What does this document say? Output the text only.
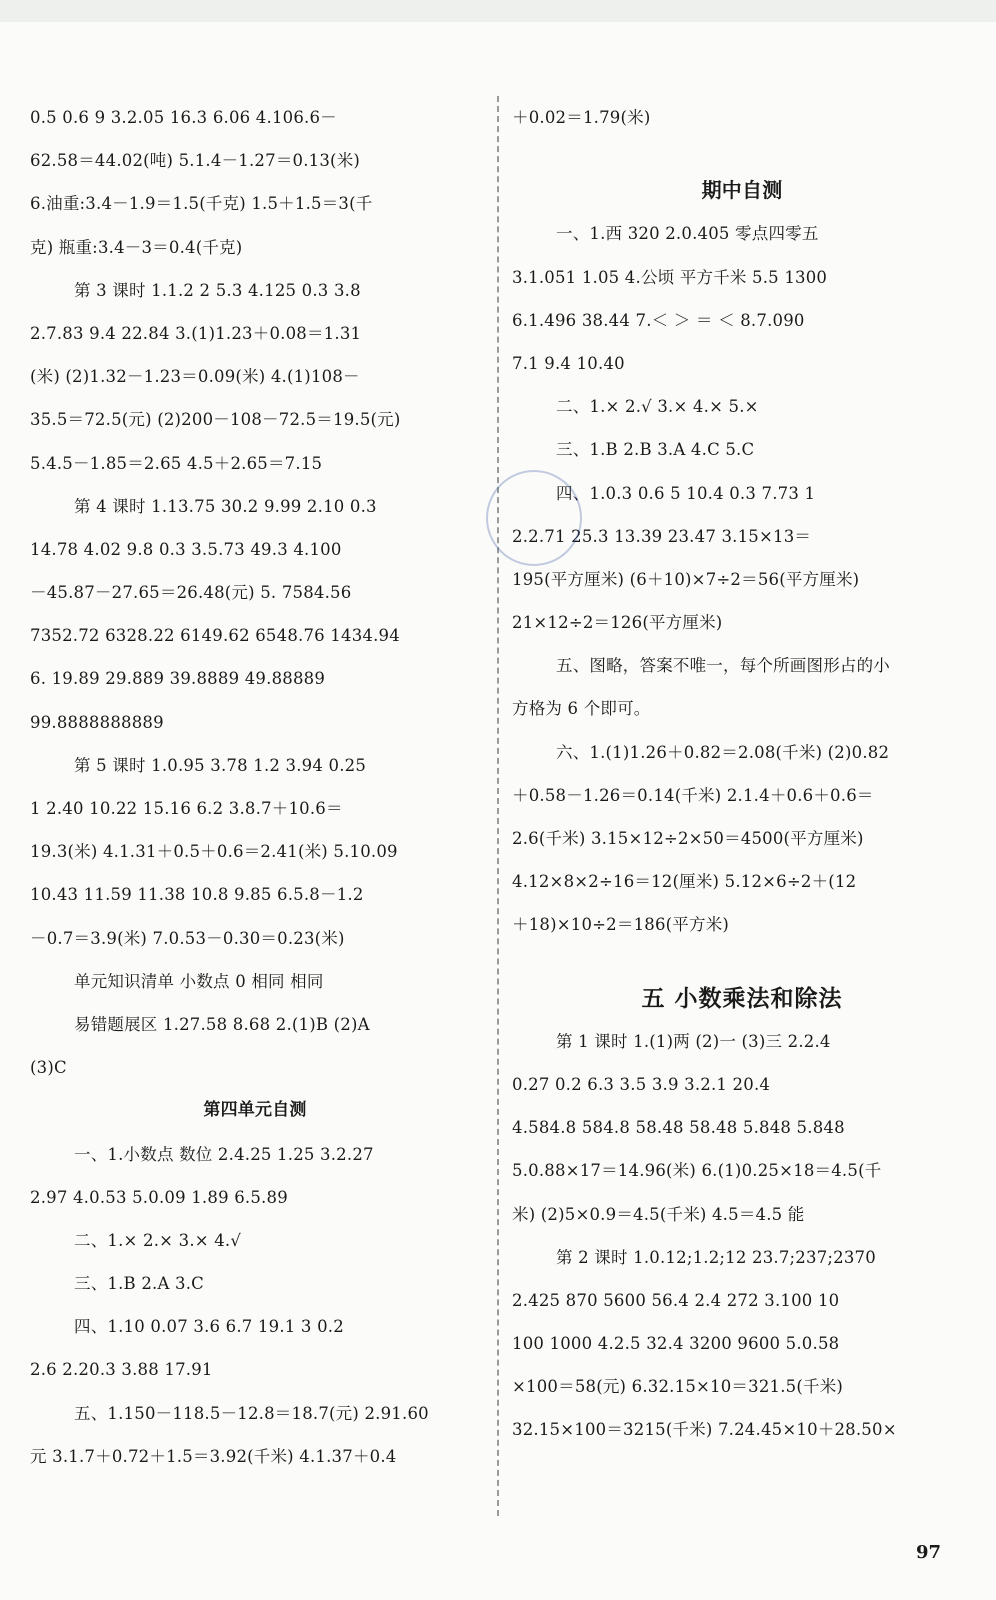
0.5 0.6 9 3.2.05 16.3 6.06 4.106.6－
62.58＝44.02(吨) 5.1.4－1.27＝0.13(米)
6.油重:3.4－1.9＝1.5(千克) 1.5＋1.5＝3(千
克) 瓶重:3.4－3＝0.4(千克)
第 3 课时 1.1.2 2 5.3 4.125 0.3 3.8
2.7.83 9.4 22.84 3.(1)1.23＋0.08＝1.31
(米) (2)1.32－1.23＝0.09(米) 4.(1)108－
35.5＝72.5(元) (2)200－108－72.5＝19.5(元)
5.4.5－1.85＝2.65 4.5＋2.65＝7.15
第 4 课时 1.13.75 30.2 9.99 2.10 0.3
14.78 4.02 9.8 0.3 3.5.73 49.3 4.100
－45.87－27.65＝26.48(元) 5. 7584.56
7352.72 6328.22 6149.62 6548.76 1434.94
6. 19.89 29.889 39.8889 49.88889
99.8888888889
第 5 课时 1.0.95 3.78 1.2 3.94 0.25
1 2.40 10.22 15.16 6.2 3.8.7＋10.6＝
19.3(米) 4.1.31＋0.5＋0.6＝2.41(米) 5.10.09
10.43 11.59 11.38 10.8 9.85 6.5.8－1.2
－0.7＝3.9(米) 7.0.53－0.30＝0.23(米)
单元知识清单 小数点 0 相同 相同
易错题展区 1.27.58 8.68 2.(1)B (2)A
(3)C
第四单元自测
一、1.小数点 数位 2.4.25 1.25 3.2.27
2.97 4.0.53 5.0.09 1.89 6.5.89
二、1.× 2.× 3.× 4.√
三、1.B 2.A 3.C
四、1.10 0.07 3.6 6.7 19.1 3 0.2
2.6 2.20.3 3.88 17.91
五、1.150－118.5－12.8＝18.7(元) 2.91.60
元 3.1.7＋0.72＋1.5＝3.92(千米) 4.1.37＋0.4
＋0.02＝1.79(米)
期中自测
一、1.西 320 2.0.405 零点四零五
3.1.051 1.05 4.公顷 平方千米 5.5 1300
6.1.496 38.44 7.＜ ＞ ＝ ＜ 8.7.090
7.1 9.4 10.40
二、1.× 2.√ 3.× 4.× 5.×
三、1.B 2.B 3.A 4.C 5.C
四、1.0.3 0.6 5 10.4 0.3 7.73 1
2.2.71 25.3 13.39 23.47 3.15×13＝
195(平方厘米) (6＋10)×7÷2＝56(平方厘米)
21×12÷2＝126(平方厘米)
五、图略，答案不唯一，每个所画图形占的小
方格为 6 个即可。
六、1.(1)1.26＋0.82＝2.08(千米) (2)0.82
＋0.58－1.26＝0.14(千米) 2.1.4＋0.6＋0.6＝
2.6(千米) 3.15×12÷2×50＝4500(平方厘米)
4.12×8×2÷16＝12(厘米) 5.12×6÷2＋(12
＋18)×10÷2＝186(平方米)
五 小数乘法和除法
第 1 课时 1.(1)两 (2)一 (3)三 2.2.4
0.27 0.2 6.3 3.5 3.9 3.2.1 20.4
4.584.8 584.8 58.48 58.48 5.848 5.848
5.0.88×17＝14.96(米) 6.(1)0.25×18＝4.5(千
米) (2)5×0.9＝4.5(千米) 4.5＝4.5 能
第 2 课时 1.0.12;1.2;12 23.7;237;2370
2.425 870 5600 56.4 2.4 272 3.100 10
100 1000 4.2.5 32.4 3200 9600 5.0.58
×100＝58(元) 6.32.15×10＝321.5(千米)
32.15×100＝3215(千米) 7.24.45×10＋28.50×
97
